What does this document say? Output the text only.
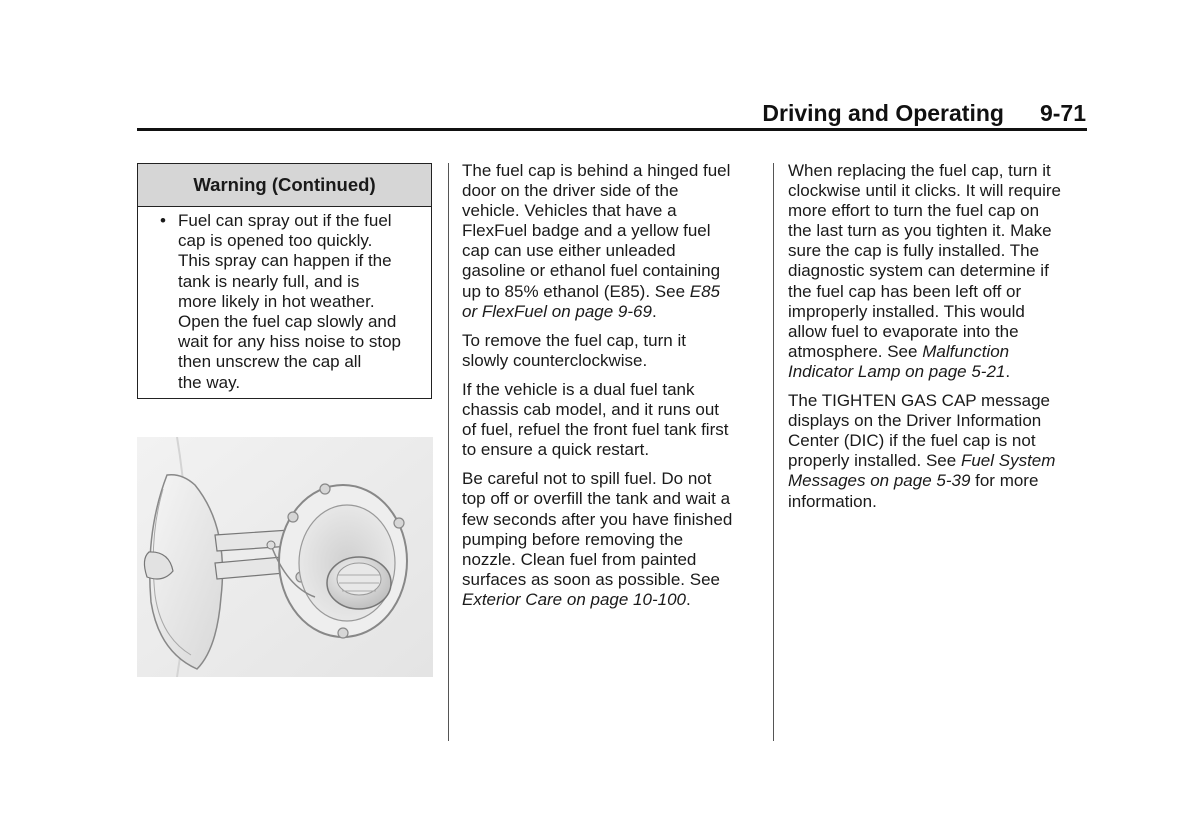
Driving and Operating 9-71
Warning (Continued)
• Fuel can spray out if the fuel
cap is opened too quickly.
This spray can happen if the
tank is nearly full, and is
more likely in hot weather.
Open the fuel cap slowly and
wait for any hiss noise to stop
then unscrew the cap all
the way.

The fuel cap is behind a hinged fuel
door on the driver side of the
vehicle. Vehicles that have a
FlexFuel badge and a yellow fuel
cap can use either unleaded
gasoline or ethanol fuel containing
up to 85% ethanol (E85). See E85
or FlexFuel on page 9-69.

To remove the fuel cap, turn it
slowly counterclockwise.

If the vehicle is a dual fuel tank
chassis cab model, and it runs out
of fuel, refuel the front fuel tank first
to ensure a quick restart.

Be careful not to spill fuel. Do not
top off or overfill the tank and wait a
few seconds after you have finished
pumping before removing the
nozzle. Clean fuel from painted
surfaces as soon as possible. See
Exterior Care on page 10-100.

When replacing the fuel cap, turn it
clockwise until it clicks. It will require
more effort to turn the fuel cap on
the last turn as you tighten it. Make
sure the cap is fully installed. The
diagnostic system can determine if
the fuel cap has been left off or
improperly installed. This would
allow fuel to evaporate into the
atmosphere. See Malfunction
Indicator Lamp on page 5-21.

The TIGHTEN GAS CAP message
displays on the Driver Information
Center (DIC) if the fuel cap is not
properly installed. See Fuel System
Messages on page 5-39 for more
information.
